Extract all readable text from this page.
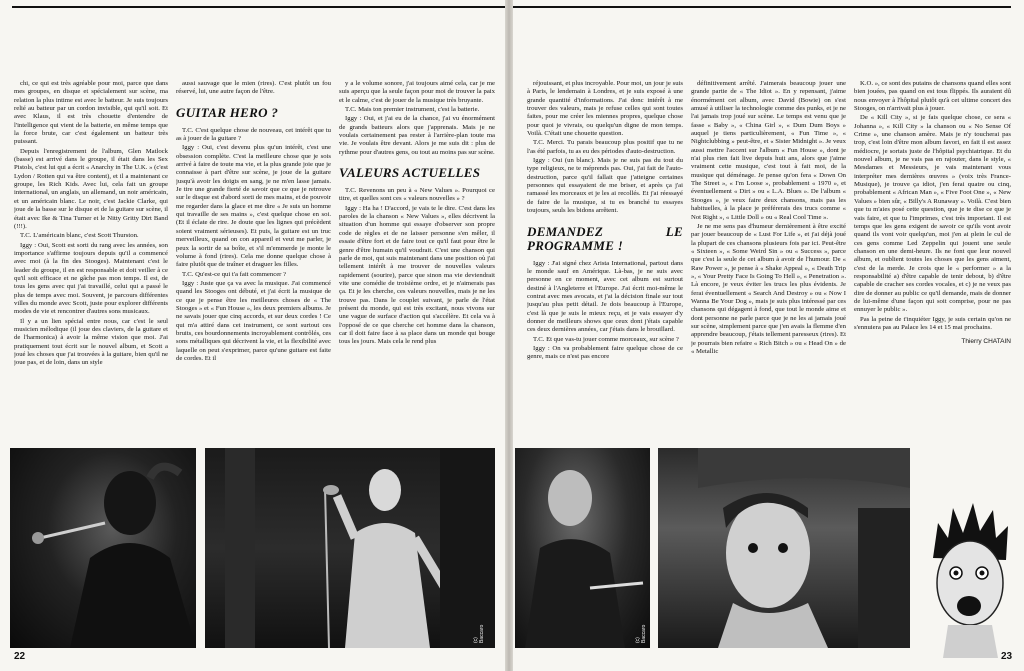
chi, ce qui est très agréable pour moi, parce que dans mes groupes, en disque et spécialement sur scène, ma relation la plus intime est avec le batteur. Je suis toujours relié au batteur par un cordon invisible, qui qu'il soit. Et avec Klaus, il est très chouette d'entendre de l'intelligence qui vient de la batterie, en même temps que la force brute, car c'est également un batteur très puissant.

Depuis l'enregistrement de l'album, Glen Matlock (basse) est arrivé dans le groupe, il était dans les Sex Pistols, c'est lui qui a écrit « Anarchy in The U.K. » (c'est Lydon / Rotten qui va être content), et il a maintenant ce groupe, les Rich Kids. Avec lui, cela fait un groupe international, un anglais, un allemand, un noir américain, et un américain blanc. Le noir, c'est Jackie Clarke, qui joue de la basse sur le disque et de la guitare sur scène, il était avec Ike & Tina Turner et le Nitty Gritty Dirt Band (!!!).

T.C. L'américain blanc, c'est Scott Thurston.

Iggy : Oui, Scott est sorti du rang avec les années, son importance s'affirme toujours depuis qu'il a commencé avec moi (à la fin des Stooges). Maintenant c'est le leader du groupe, il en est responsable et doit veiller à ce qu'il soit efficace et ne gâche pas mon temps. Il est, de tous les gens avec qui j'ai travaillé, celui qui a passé le plus de temps avec moi. Souvent, je parcours différentes villes du monde avec Scott, juste pour explorer différents modes de vie et rencontrer d'autres sons musicaux.

Il y a un lien spécial entre nous, car c'est le seul musicien mélodique (il joue des claviers, de la guitare et de l'harmonica) à avoir la même vision que moi. J'ai pratiquement tout écrit sur le nouvel album, et Scott a joué les choses que j'ai trouvées à la guitare, bien qu'il ne joue pas, et de loin, dans un style

aussi sauvage que le mien (rires). C'est plutôt un fou réservé, lui, une autre façon de l'être.

GUITAR HERO ?

T.C. C'est quelque chose de nouveau, cet intérêt que tu as à jouer de la guitare ?

Iggy : Oui, c'est devenu plus qu'un intérêt, c'est une obsession complète. C'est la meilleure chose que je sois arrivé à faire de toute ma vie, et la plus grande joie que je connaisse à part d'être sur scène, je joue de la guitare jusqu'à avoir les doigts en sang, je ne m'en lasse jamais. Je tire une grande fierté de savoir que ce que je retrouve sur le disque est d'abord sorti de mes mains, et de pouvoir me regarder dans la glace et me dire « Je suis un homme qui travaille de ses mains », c'est quelque chose en soi. (Et il éclate de rire. Je doute que les lignes qui précèdent soient vraiment sérieuses). Et puis, la guitare est un truc merveilleux, quand on con appareil et veut me parler, je peux la sortir de sa boîte, et s'il m'emmerde je monte le volume à fond (rires). Cela me donne quelque chose à faire plutôt que de traîner et draguer les filles.

T.C. Qu'est-ce qui t'a fait commencer ?

Iggy : Juste que ça va avec la musique. J'ai commencé quand les Stooges ont débuté, et j'ai écrit la musique de ce que je pense être les meilleures choses de « The Stooges » et « Fun House », les deux premiers albums. Je ne savais jouer que cinq accords, et sur deux cordes ! Ce qui m'a attiré dans cet instrument, ce sont surtout ces bruits, ces bourdonnements incroyablement contrôlés, ces sons métalliques qui décrivent la vie, et la flexibilité avec laquelle on peut s'exprimer, parce qu'une guitare est faite de cordes. Et il

y a le volume sonore, j'ai toujours aimé cela, car je me suis aperçu que la seule façon pour moi de trouver la paix et le calme, c'est de jouer de la musique très bruyante.

T.C. Mais ton premier instrument, c'est la batterie.

Iggy : Oui, et j'ai eu de la chance, j'ai vu énormément de grands batteurs alors que j'apprenais. Mais je ne voulais certainement pas rester à l'arrière-plan toute ma vie. Je voulais être devant. Alors je me suis dit : plus de rythme pour d'autres gens, ou tout au moins pas sur scène.

VALEURS ACTUELLES

T.C. Revenons un peu à « New Values ». Pourquoi ce titre, et quelles sont ces « valeurs nouvelles » ?

Iggy : Ha ha ! D'accord, je vais te le dire. C'est dans les paroles de la chanson « New Values », elles décrivent la situation d'un homme qui essaye d'observer son propre code de règles et de ne laisser personne s'en mêler, il essaie d'être fort et de faire tout ce qu'il faut pour être le genre d'être humain qu'il voudrait. C'est une chanson qui parle de moi, qui suis maintenant dans une position où j'ai tellement intérêt à me trouver de nouvelles valeurs rapidement (sourire), parce que sinon ma vie deviendrait vite une comédie de troisième ordre, et je n'aimerais pas ça. Et je les cherche, ces valeurs nouvelles, mais je ne les trouve pas. Dans le couplet suivant, je parle de l'état présent du monde, qui est très excitant, nous vivons sur une vague de surface d'action qui s'accélère. Et cela va à l'opposé de ce que cherche cet homme dans la chanson, car il doit faire face à sa place dans un monde qui bouge tous les jours. Mais cela le rend plus

(c) Baccaro
22

réjouissant, et plus incroyable. Pour moi, un jour je suis à Paris, le lendemain à Londres, et je suis exposé à une grande quantité d'informations. J'ai donc intérêt à me trouver des valeurs, mais je refuse celles qui sont toutes faites, pour me créer les miennes propres, quelque chose pour quoi je vivrais, ou quelqu'un digne de mon temps. Voilà. C'était une chouette question.

T.C. Merci. Tu parais beaucoup plus positif que tu ne l'as été parfois, tu as eu des périodes d'auto-destruction.

Iggy : Oui (un blanc). Mais je ne suis pas du tout du type religieux, ne te méprends pas. Oui, j'ai fait de l'auto-destruction, parce qu'il fallait que j'atteigne certaines personnes qui essayaient de me briser, et après ça j'ai ramassé les morceaux et je les ai recollés. Et j'ai réessayé de faire de la musique, si tu es branché tu essayes toujours, seuls les bidons arrêtent.

DEMANDEZ LE PROGRAMME !

Iggy : J'ai signé chez Arista International, partout dans le monde sauf en Amérique. Là-bas, je ne suis avec personne en ce moment, avec cet album est surtout destiné à l'Angleterre et l'Europe. J'ai écrit moi-même le contrat avec mes avocats, et j'ai la décision finale sur tout jusqu'au plus petit détail. Je dois beaucoup à l'Europe, c'est là que je suis le mieux reçu, et je vais essayer d'y donner de meilleurs shows que ceux dont j'étais capable ces deux dernières années, car j'étais dans le brouillard.

T.C. Et que vas-tu jouer comme morceaux, sur scène ?

Iggy : On va probablement faire quelque chose de ce genre, mais ce n'est pas encore

définitivement arrêté. J'aimerais beaucoup jouer une grande partie de « The Idiot ». En y repensant, j'aime énormément cet album, avec David (Bowie) on s'est amusé à utiliser la technologie comme des punks, et je ne l'ai jamais trop joué sur scène. Le temps est venu que je fasse « Baby », « China Girl », « Dum Dum Boys » auquel je tiens particulièrement, « Fun Time », « Nightclubbing » peut-être, et « Sister Midnight ». Je veux aussi mettre l'accent sur l'album « Fun House », dont je n'ai plus rien fait live depuis huit ans, alors que j'aime vraiment cette musique, c'est tout à fait moi, de la musique qui déménage. Je pense qu'on fera « Down On The Street », « I'm Loose », probablement « 1970 », et éventuellement « Dirt » ou « L.A. Blues ». De l'album « Stooges », je veux faire deux chansons, mais pas les habituelles, à la place je préférerais des trucs comme « Not Right », « Little Doll » ou « Real Cool Time ».

Je ne me sens pas d'humeur dernièrement à être excité par jouer beaucoup de « Lust For Life », et j'ai déjà joué la plupart de ces chansons plusieurs fois par ici. Peut-être « Sixteen », « Some Weird Sin » ou « Success », parce que c'est la seule de cet album à avoir de l'humour. De « Raw Power », je pense à « Shake Appeal », « Death Trip », « Your Pretty Face Is Going To Hell », « Penetration ». Là encore, je veux éviter les trucs les plus évidents. Je ferai éventuellement « Search And Destroy » ou « Now I Wanna Be Your Dog », mais je suis plus intéressé par ces chansons qui dégagent à fond, que tout le monde aime et dont personne ne parle parce que je ne les ai jamais joué sur scène, simplement parce que j'en avais la flemme d'en apprendre beaucoup, j'étais tellement paresseux (rires). Et je pourrais bien refaire « Rich Bitch » ou « Head On » de « Metallic

K.O. », ce sont des putains de chansons quand elles sont bien jouées, pas quand on est tous flippés. Ils auraient dû nous envoyer à l'hôpital plutôt qu'à cet ultime concert des Stooges, on n'arrivait plus à jouer.

De « Kill City », si je fais quelque chose, ce sera « Johanna », « Kill City » la chanson ou « No Sense Of Crime », une chanson amère. Mais je n'y toucherai pas trop, c'est loin d'être mon album favori, en fait il est assez médiocre, je sortais juste de l'hôpital psychiatrique. Et du nouvel album, je ne vais pas en rajouter, dans le style, « Mesdames et Messieurs, je vais maintenant vous interpréter mes dernières œuvres » (voix très France-Musique), je trouve ça idiot, j'en ferai quatre ou cinq, probablement « African Man », « Five Foot One », « New Values » bien sûr, « Billy's A Runaway ». Voilà. C'est bien que tu m'aies posé cette question, que je te dise ce que je vais faire, et que tu l'imprimes, c'est très important. Il est temps que les gens exigent de savoir ce qu'ils vont avoir quand ils vont voir quelqu'un, moi j'en ai plein le cul de ces gens comme Led Zeppelin qui jouent une seule chanson en une demi-heure. Ils ne font que leur nouvel album, et oublient toutes les choses que les gens aiment, c'est de la merde. Je crois que le « performer » a la responsabilité a) d'être capable de tenir debout, b) d'être capable de cracher ses cordes vocales, et c) je ne veux pas dire de donner au public ce qu'il demande, mais de donner de lui-même d'une façon qui soit comprise, pour ne pas ennuyer le public ».

Pas la peine de t'inquiéter Iggy, je suis certain qu'on ne s'ennuiera pas au Palace les 14 et 15 mai prochains.

Thierry CHATAIN
(c) Baccaro
23
